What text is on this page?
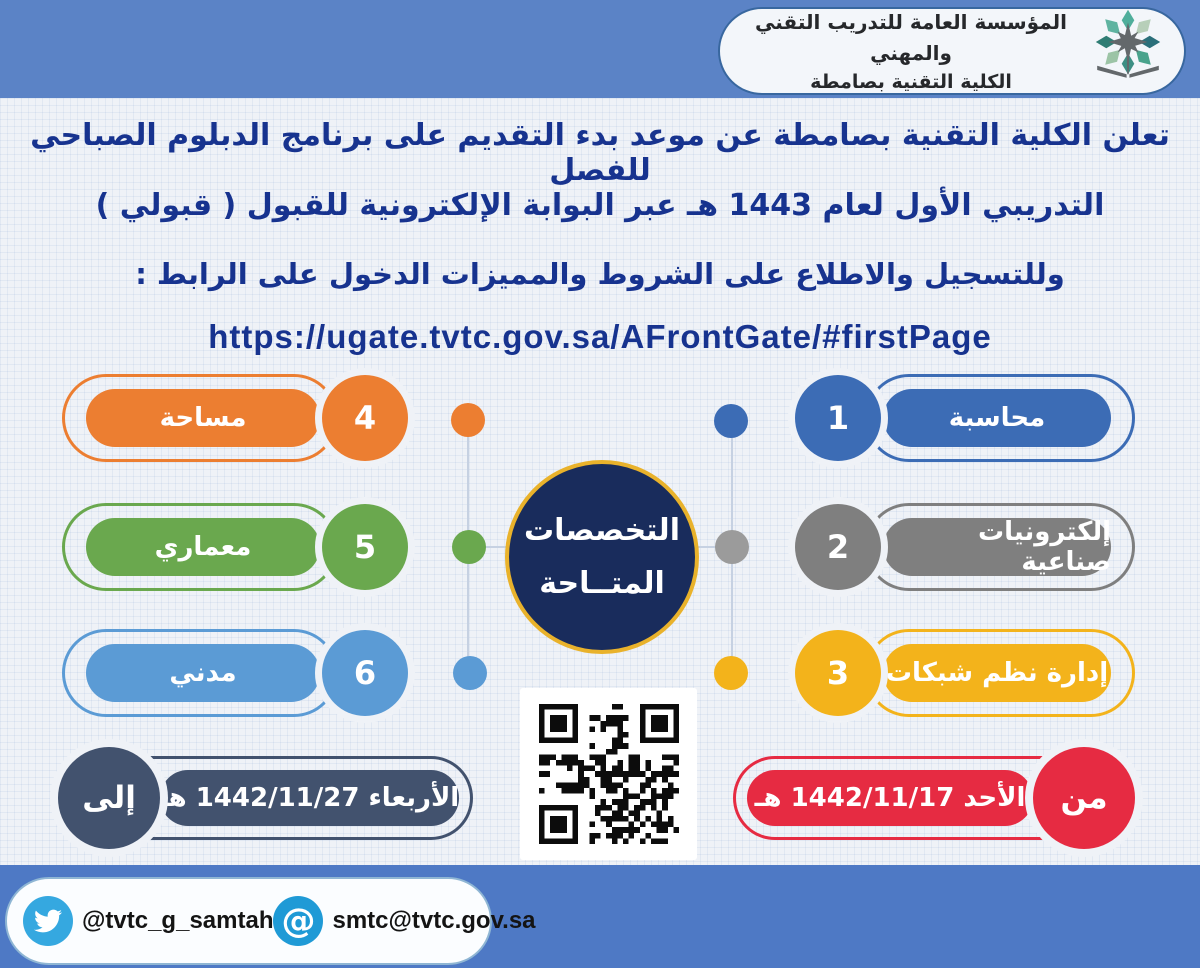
المؤسسة العامة للتدريب التقني والمهني
الكلية التقنية بصامطة
تعلن الكلية التقنية بصامطة عن موعد بدء التقديم على برنامج الدبلوم الصباحي للفصل
التدريبي الأول لعام 1443 هـ عبر البوابة الإلكترونية للقبول ( قبولي )
وللتسجيل والاطلاع على الشروط والمميزات الدخول على الرابط :
https://ugate.tvtc.gov.sa/AFrontGate/#firstPage
محاسبة
1
إلكترونيات صناعية
2
إدارة نظم شبكات
3
مساحة	4
معماري	5
مدني	6
التخصصات
المتــاحة
الأحد 1442/11/17 هـ	من
الأربعاء 1442/11/27 هـ
إلى
@tvtc_g_samtah @ smtc@tvtc.gov.sa
